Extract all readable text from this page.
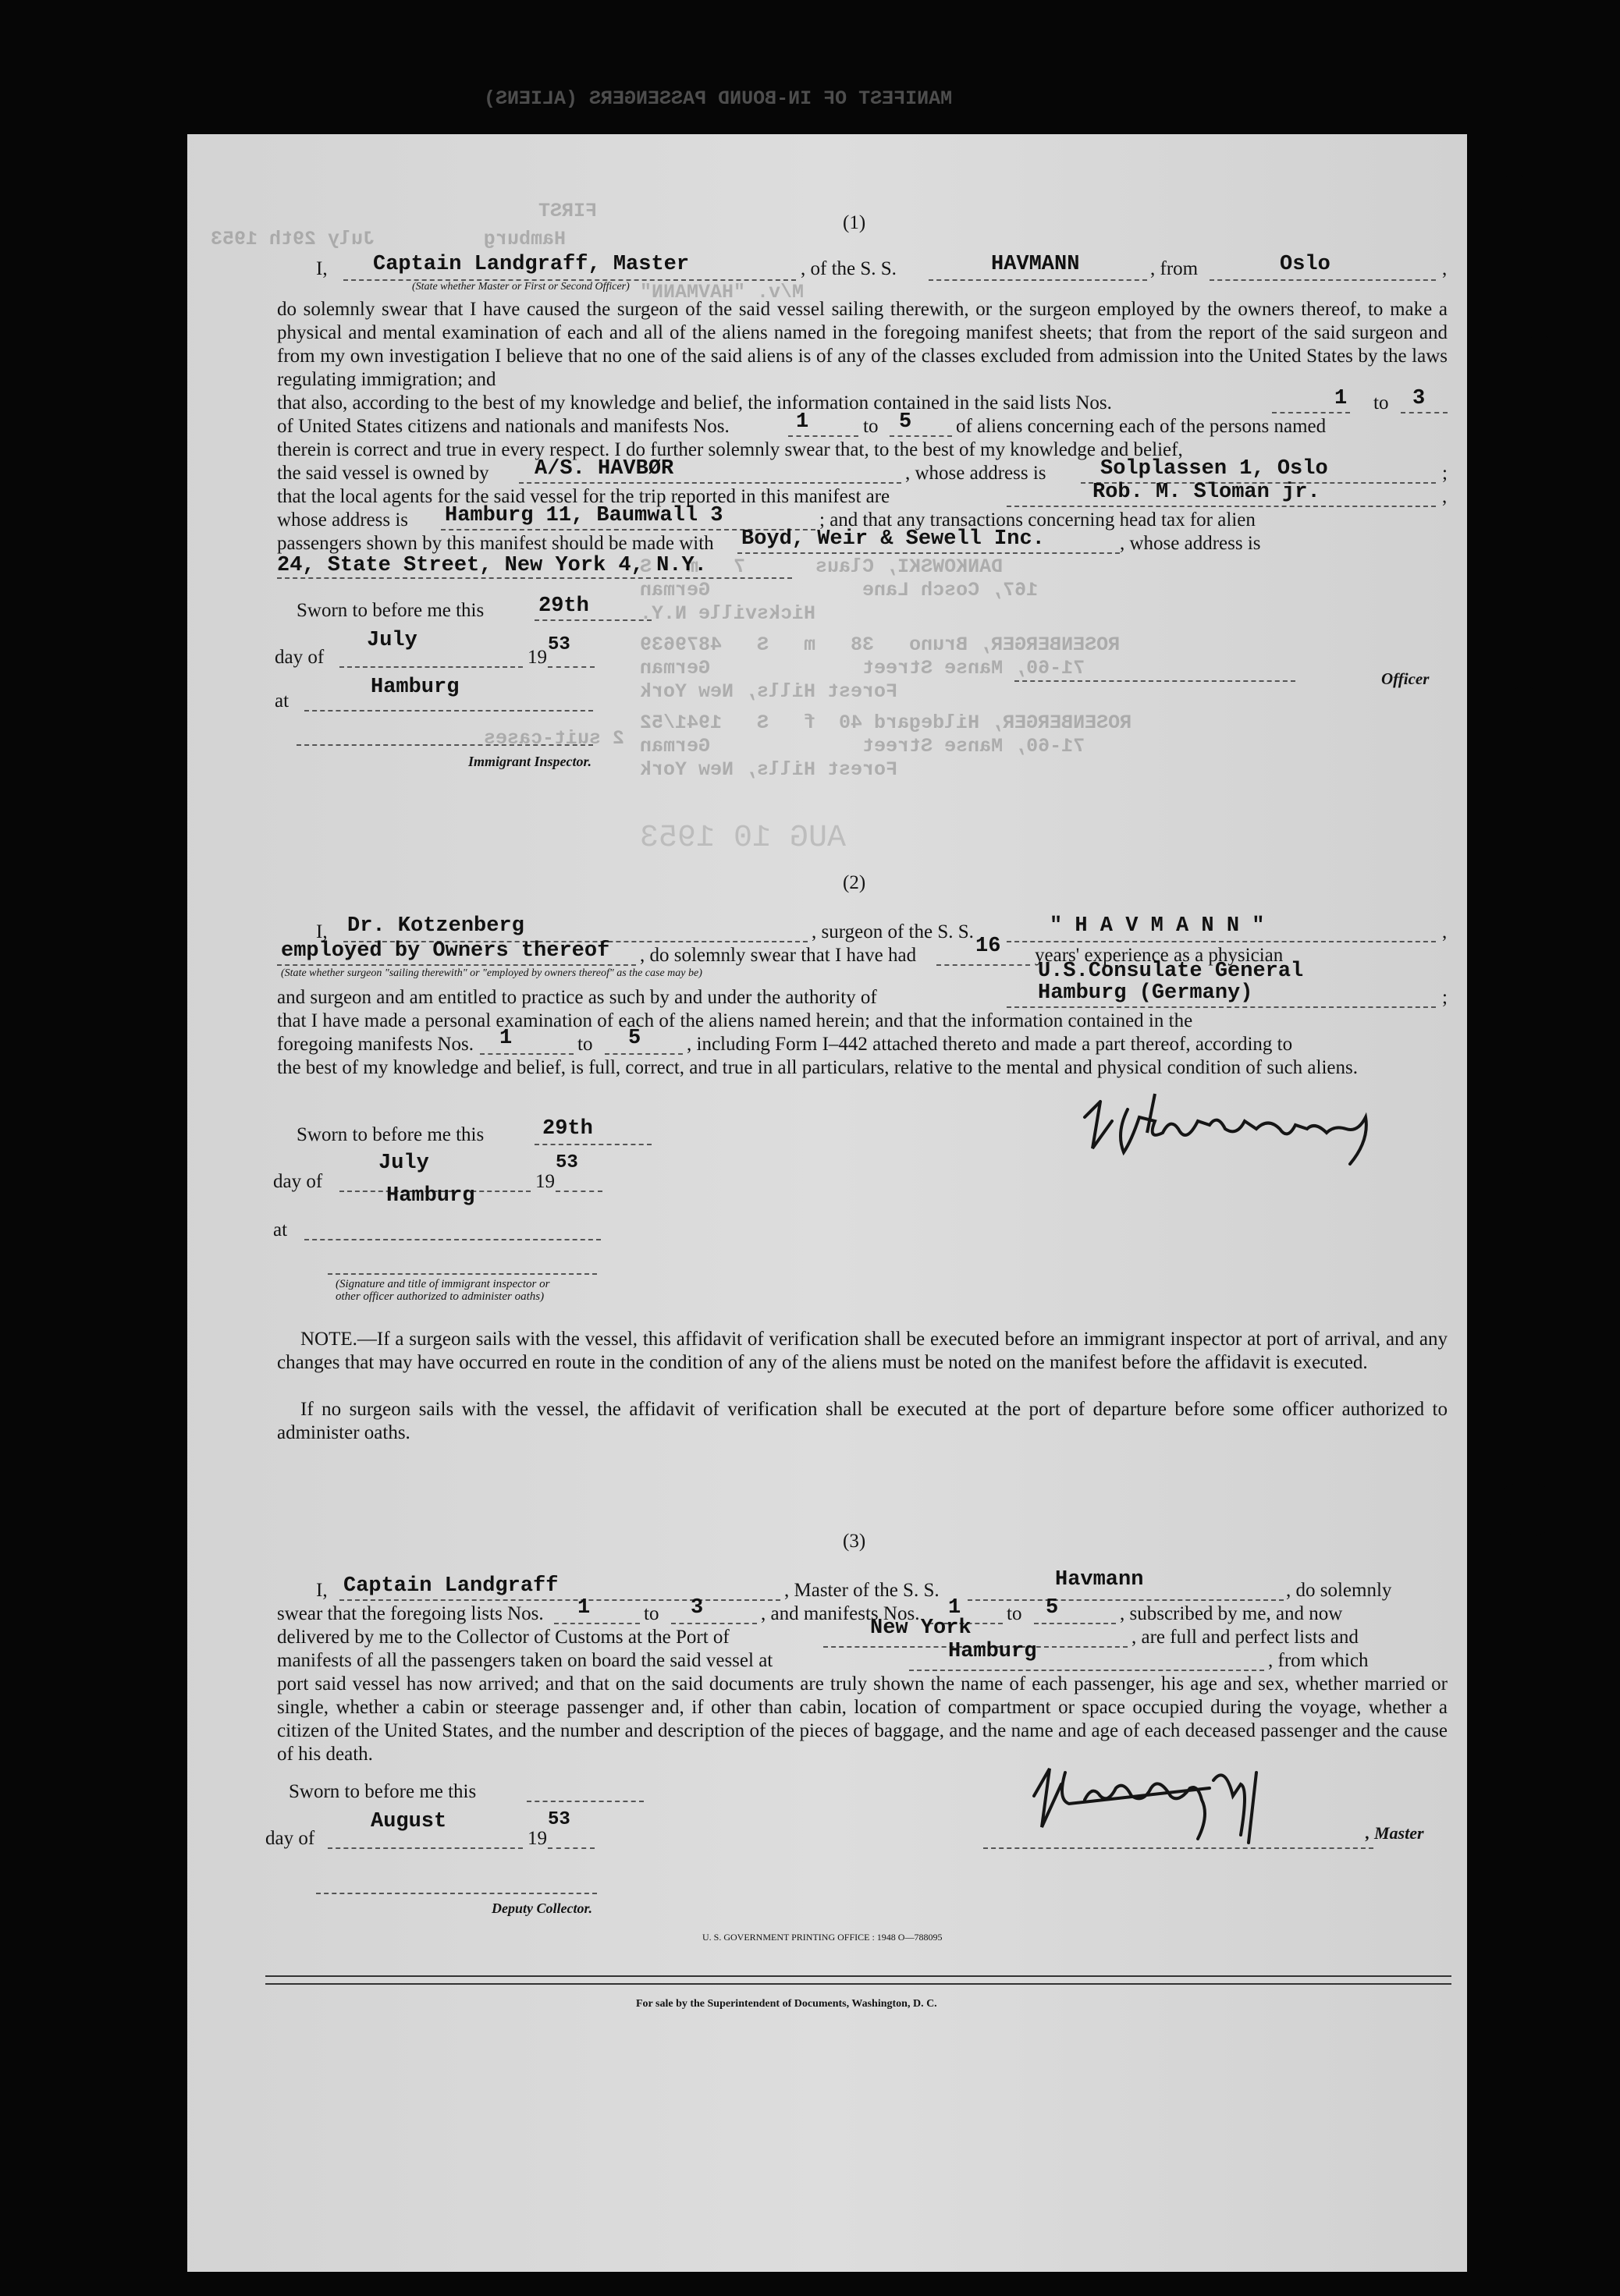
MANIFEST OF IN-BOUND PASSENGERS (ALIENS)
FIRST
Hamburg
July 29th 1953
M/v. "HAVMANN"
DANKOWSKI, Claus      7   m   S
167, Cosch Lane             German
Hicksville N.Y.
ROSENBERGER, Bruno   38   m   S   4879639
71-60, Manse Street             German
Forest Hills, New York
ROSENBERGER, Hildegard 40  f   S   1941/52
71-60, Manse Street             German
Forest Hills, New York
2 suit-cases
AUG 10 1953
(1)
I, Captain Landgraff, Master	, of the S. S.	HAVMANN	, from	Oslo	,
(State whether Master or First or Second Officer)
do solemnly swear that I have caused the surgeon of the said vessel sailing therewith, or the surgeon employed by the owners thereof, to make a physical and mental examination of each and all of the aliens named in the foregoing manifest sheets; that from the report of the said surgeon and from my own investigation I believe that no one of the said aliens is of any of the classes excluded from admission into the United States by the laws regulating immigration; and
that also, according to the best of my knowledge and belief, the information contained in the said lists Nos.	1 to 3
of United States citizens and nationals and manifests Nos.	1	to 5 of aliens concerning each of the persons named
therein is correct and true in every respect. I do further solemnly swear that, to the best of my knowledge and belief,
the said vessel is owned by A/S. HAVBØR	, whose address is	Solplassen 1, Oslo	;
that the local agents for the said vessel for the trip reported in this manifest are	Rob. M. Sloman jr.	,
whose address is Hamburg 11, Baumwall 3	; and that any transactions concerning head tax for alien
passengers shown by this manifest should be made with Boyd, Weir & Sewell Inc.	, whose address is
24, State Street, New York 4, N.Y.
Sworn to before me this	29th
day of
July
19
53
at
Hamburg
Immigrant Inspector.
Officer
(2)
I, Dr. Kotzenberg	, surgeon of the S. S.	" H A V M A N N "	,
employed by Owners thereof , do solemnly swear that I have had	16 years' experience as a physician
(State whether surgeon "sailing therewith" or "employed by owners thereof" as the case may be)	U.S.Consulate General
and surgeon and am entitled to practice as such by and under the authority of	Hamburg (Germany)	;
that I have made a personal examination of each of the aliens named herein; and that the information contained in the
foregoing manifests Nos. 1	to 5 , including Form I–442 attached thereto and made a part thereof, according to
the best of my knowledge and belief, is full, correct, and true in all particulars, relative to the mental and physical condition of such aliens.
Sworn to before me this	29th
day of
July
19
53
Hamburg
at
(Signature and title of immigrant inspector or
other officer authorized to administer oaths)
NOTE.—If a surgeon sails with the vessel, this affidavit of verification shall be executed before an immigrant inspector at port of arrival, and any changes that may have occurred en route in the condition of any of the aliens must be noted on the manifest before the affidavit is executed.
If no surgeon sails with the vessel, the affidavit of verification shall be executed at the port of departure before some officer authorized to administer oaths.
(3)
I, Captain Landgraff	, Master of the S. S.	Havmann	, do solemnly
swear that the foregoing lists Nos. 1	to 3	, and manifests Nos. 1 to 5	, subscribed by me, and now
delivered by me to the Collector of Customs at the Port of	New York	, are full and perfect lists and
manifests of all the passengers taken on board the said vessel at	Hamburg	, from which
port said vessel has now arrived; and that on the said documents are truly shown the name of each passenger, his age and sex, whether married or single, whether a cabin or steerage passenger and, if other than cabin, location of compartment or space occupied during the voyage, whether a citizen of the United States, and the number and description of the pieces of baggage, and the name and age of each deceased passenger and the cause of his death.
Sworn to before me this
day of
August
19
53
Deputy Collector.
, Master
U. S. GOVERNMENT PRINTING OFFICE : 1948 O—788095
For sale by the Superintendent of Documents, Washington, D. C.
